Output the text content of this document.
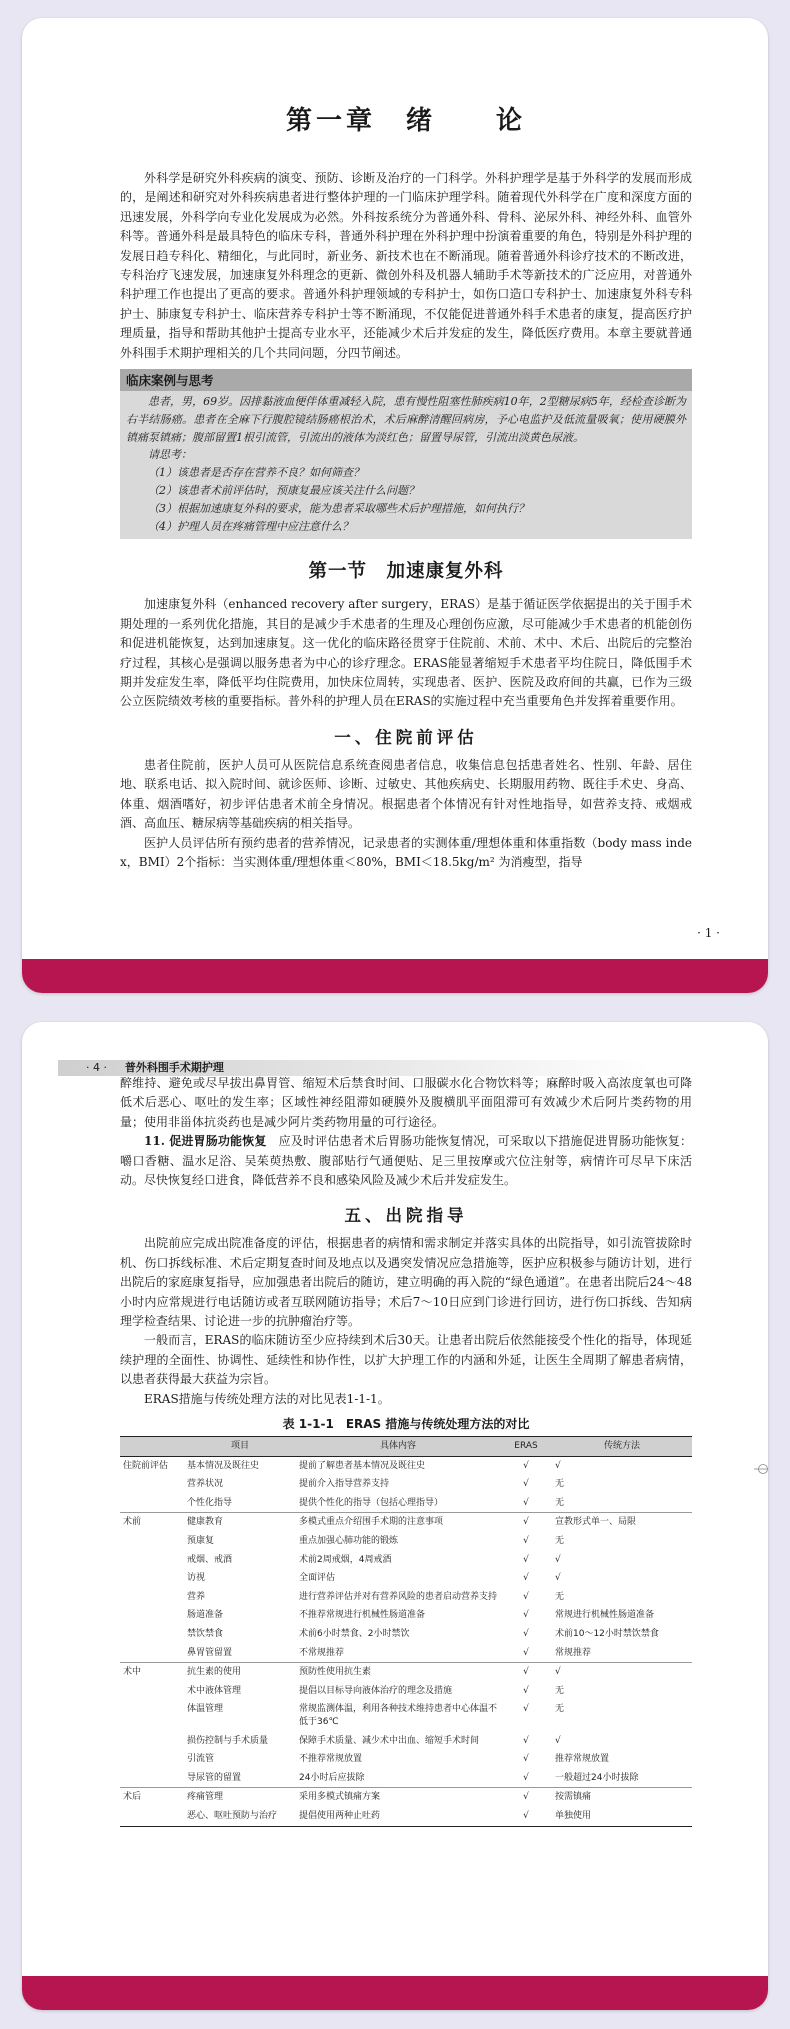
第一章　绪　　论

外科学是研究外科疾病的演变、预防、诊断及治疗的一门科学。外科护理学是基于外科学的发展而形成的，是阐述和研究对外科疾病患者进行整体护理的一门临床护理学科。随着现代外科学在广度和深度方面的迅速发展，外科学向专业化发展成为必然。外科按系统分为普通外科、骨科、泌尿外科、神经外科、血管外科等。普通外科是最具特色的临床专科，普通外科护理在外科护理中扮演着重要的角色，特别是外科护理的发展日趋专科化、精细化，与此同时，新业务、新技术也在不断涌现。随着普通外科诊疗技术的不断改进，专科治疗飞速发展，加速康复外科理念的更新、微创外科及机器人辅助手术等新技术的广泛应用，对普通外科护理工作也提出了更高的要求。普通外科护理领域的专科护士，如伤口造口专科护士、加速康复外科专科护士、肺康复专科护士、临床营养专科护士等不断涌现，不仅能促进普通外科手术患者的康复，提高医疗护理质量，指导和帮助其他护士提高专业水平，还能减少术后并发症的发生，降低医疗费用。本章主要就普通外科围手术期护理相关的几个共同问题，分四节阐述。

临床案例与思考

患者，男，69岁。因排黏液血便伴体重减轻入院，患有慢性阻塞性肺疾病10年，2型糖尿病5年，经检查诊断为右半结肠癌。患者在全麻下行腹腔镜结肠癌根治术，术后麻醉清醒回病房，予心电监护及低流量吸氧；使用硬膜外镇痛泵镇痛；腹部留置1根引流管，引流出的液体为淡红色；留置导尿管，引流出淡黄色尿液。

请思考：

（1）该患者是否存在营养不良？如何筛查？

（2）该患者术前评估时，预康复最应该关注什么问题？

（3）根据加速康复外科的要求，能为患者采取哪些术后护理措施，如何执行？

（4）护理人员在疼痛管理中应注意什么？

第一节　加速康复外科

加速康复外科（enhanced recovery after surgery，ERAS）是基于循证医学依据提出的关于围手术期处理的一系列优化措施，其目的是减少手术患者的生理及心理创伤应激，尽可能减少手术患者的机能创伤和促进机能恢复，达到加速康复。这一优化的临床路径贯穿于住院前、术前、术中、术后、出院后的完整治疗过程，其核心是强调以服务患者为中心的诊疗理念。ERAS能显著缩短手术患者平均住院日，降低围手术期并发症发生率，降低平均住院费用，加快床位周转，实现患者、医护、医院及政府间的共赢，已作为三级公立医院绩效考核的重要指标。普外科的护理人员在ERAS的实施过程中充当重要角色并发挥着重要作用。

一、住院前评估

患者住院前，医护人员可从医院信息系统查阅患者信息，收集信息包括患者姓名、性别、年龄、居住地、联系电话、拟入院时间、就诊医师、诊断、过敏史、其他疾病史、长期服用药物、既往手术史、身高、体重、烟酒嗜好，初步评估患者术前全身情况。根据患者个体情况有针对性地指导，如营养支持、戒烟戒酒、高血压、糖尿病等基础疾病的相关指导。

医护人员评估所有预约患者的营养情况，记录患者的实测体重/理想体重和体重指数（body mass index，BMI）2个指标：当实测体重/理想体重＜80%，BMI＜18.5kg/m² 为消瘦型，指导

· 1 ·
· 4 · 普外科围手术期护理

醉维持、避免或尽早拔出鼻胃管、缩短术后禁食时间、口服碳水化合物饮料等；麻醉时吸入高浓度氧也可降低术后恶心、呕吐的发生率；区域性神经阻滞如硬膜外及腹横肌平面阻滞可有效减少术后阿片类药物的用量；使用非甾体抗炎药也是减少阿片类药物用量的可行途径。

11. 促进胃肠功能恢复　应及时评估患者术后胃肠功能恢复情况，可采取以下措施促进胃肠功能恢复：嚼口香糖、温水足浴、吴茱萸热敷、腹部贴行气通便贴、足三里按摩或穴位注射等，病情许可尽早下床活动。尽快恢复经口进食，降低营养不良和感染风险及减少术后并发症发生。

五、出院指导

出院前应完成出院准备度的评估，根据患者的病情和需求制定并落实具体的出院指导，如引流管拔除时机、伤口拆线标准、术后定期复查时间及地点以及遇突发情况应急措施等，医护应积极参与随访计划，进行出院后的家庭康复指导，应加强患者出院后的随访，建立明确的再入院的“绿色通道”。在患者出院后24～48小时内应常规进行电话随访或者互联网随访指导；术后7～10日应到门诊进行回访，进行伤口拆线、告知病理学检查结果、讨论进一步的抗肿瘤治疗等。

一般而言，ERAS的临床随访至少应持续到术后30天。让患者出院后依然能接受个性化的指导，体现延续护理的全面性、协调性、延续性和协作性，以扩大护理工作的内涵和外延，让医生全周期了解患者病情，以患者获得最大获益为宗旨。

ERAS措施与传统处理方法的对比见表1-1-1。

表 1-1-1　ERAS 措施与传统处理方法的对比
	项目	具体内容	ERAS	传统方法
住院前评估	基本情况及既往史	提前了解患者基本情况及既往史	√	√
	营养状况	提前介入指导营养支持	√	无
	个性化指导	提供个性化的指导（包括心理指导）	√	无
术前	健康教育	多模式重点介绍围手术期的注意事项	√	宣教形式单一、局限
	预康复	重点加强心肺功能的锻炼	√	无
	戒烟、戒酒	术前2周戒烟，4周戒酒	√	√
	访视	全面评估	√	√
	营养	进行营养评估并对有营养风险的患者启动营养支持	√	无
	肠道准备	不推荐常规进行机械性肠道准备	√	常规进行机械性肠道准备
	禁饮禁食	术前6小时禁食、2小时禁饮	√	术前10～12小时禁饮禁食
	鼻胃管留置	不常规推荐	√	常规推荐
术中	抗生素的使用	预防性使用抗生素	√	√
	术中液体管理	提倡以目标导向液体治疗的理念及措施	√	无
	体温管理	常规监测体温，利用各种技术维持患者中心体温不低于36℃	√	无
	损伤控制与手术质量	保障手术质量、减少术中出血、缩短手术时间	√	√
	引流管	不推荐常规放置	√	推荐常规放置
	导尿管的留置	24小时后应拔除	√	一般超过24小时拔除
术后	疼痛管理	采用多模式镇痛方案	√	按需镇痛
	恶心、呕吐预防与治疗	提倡使用两种止吐药	√	单独使用
